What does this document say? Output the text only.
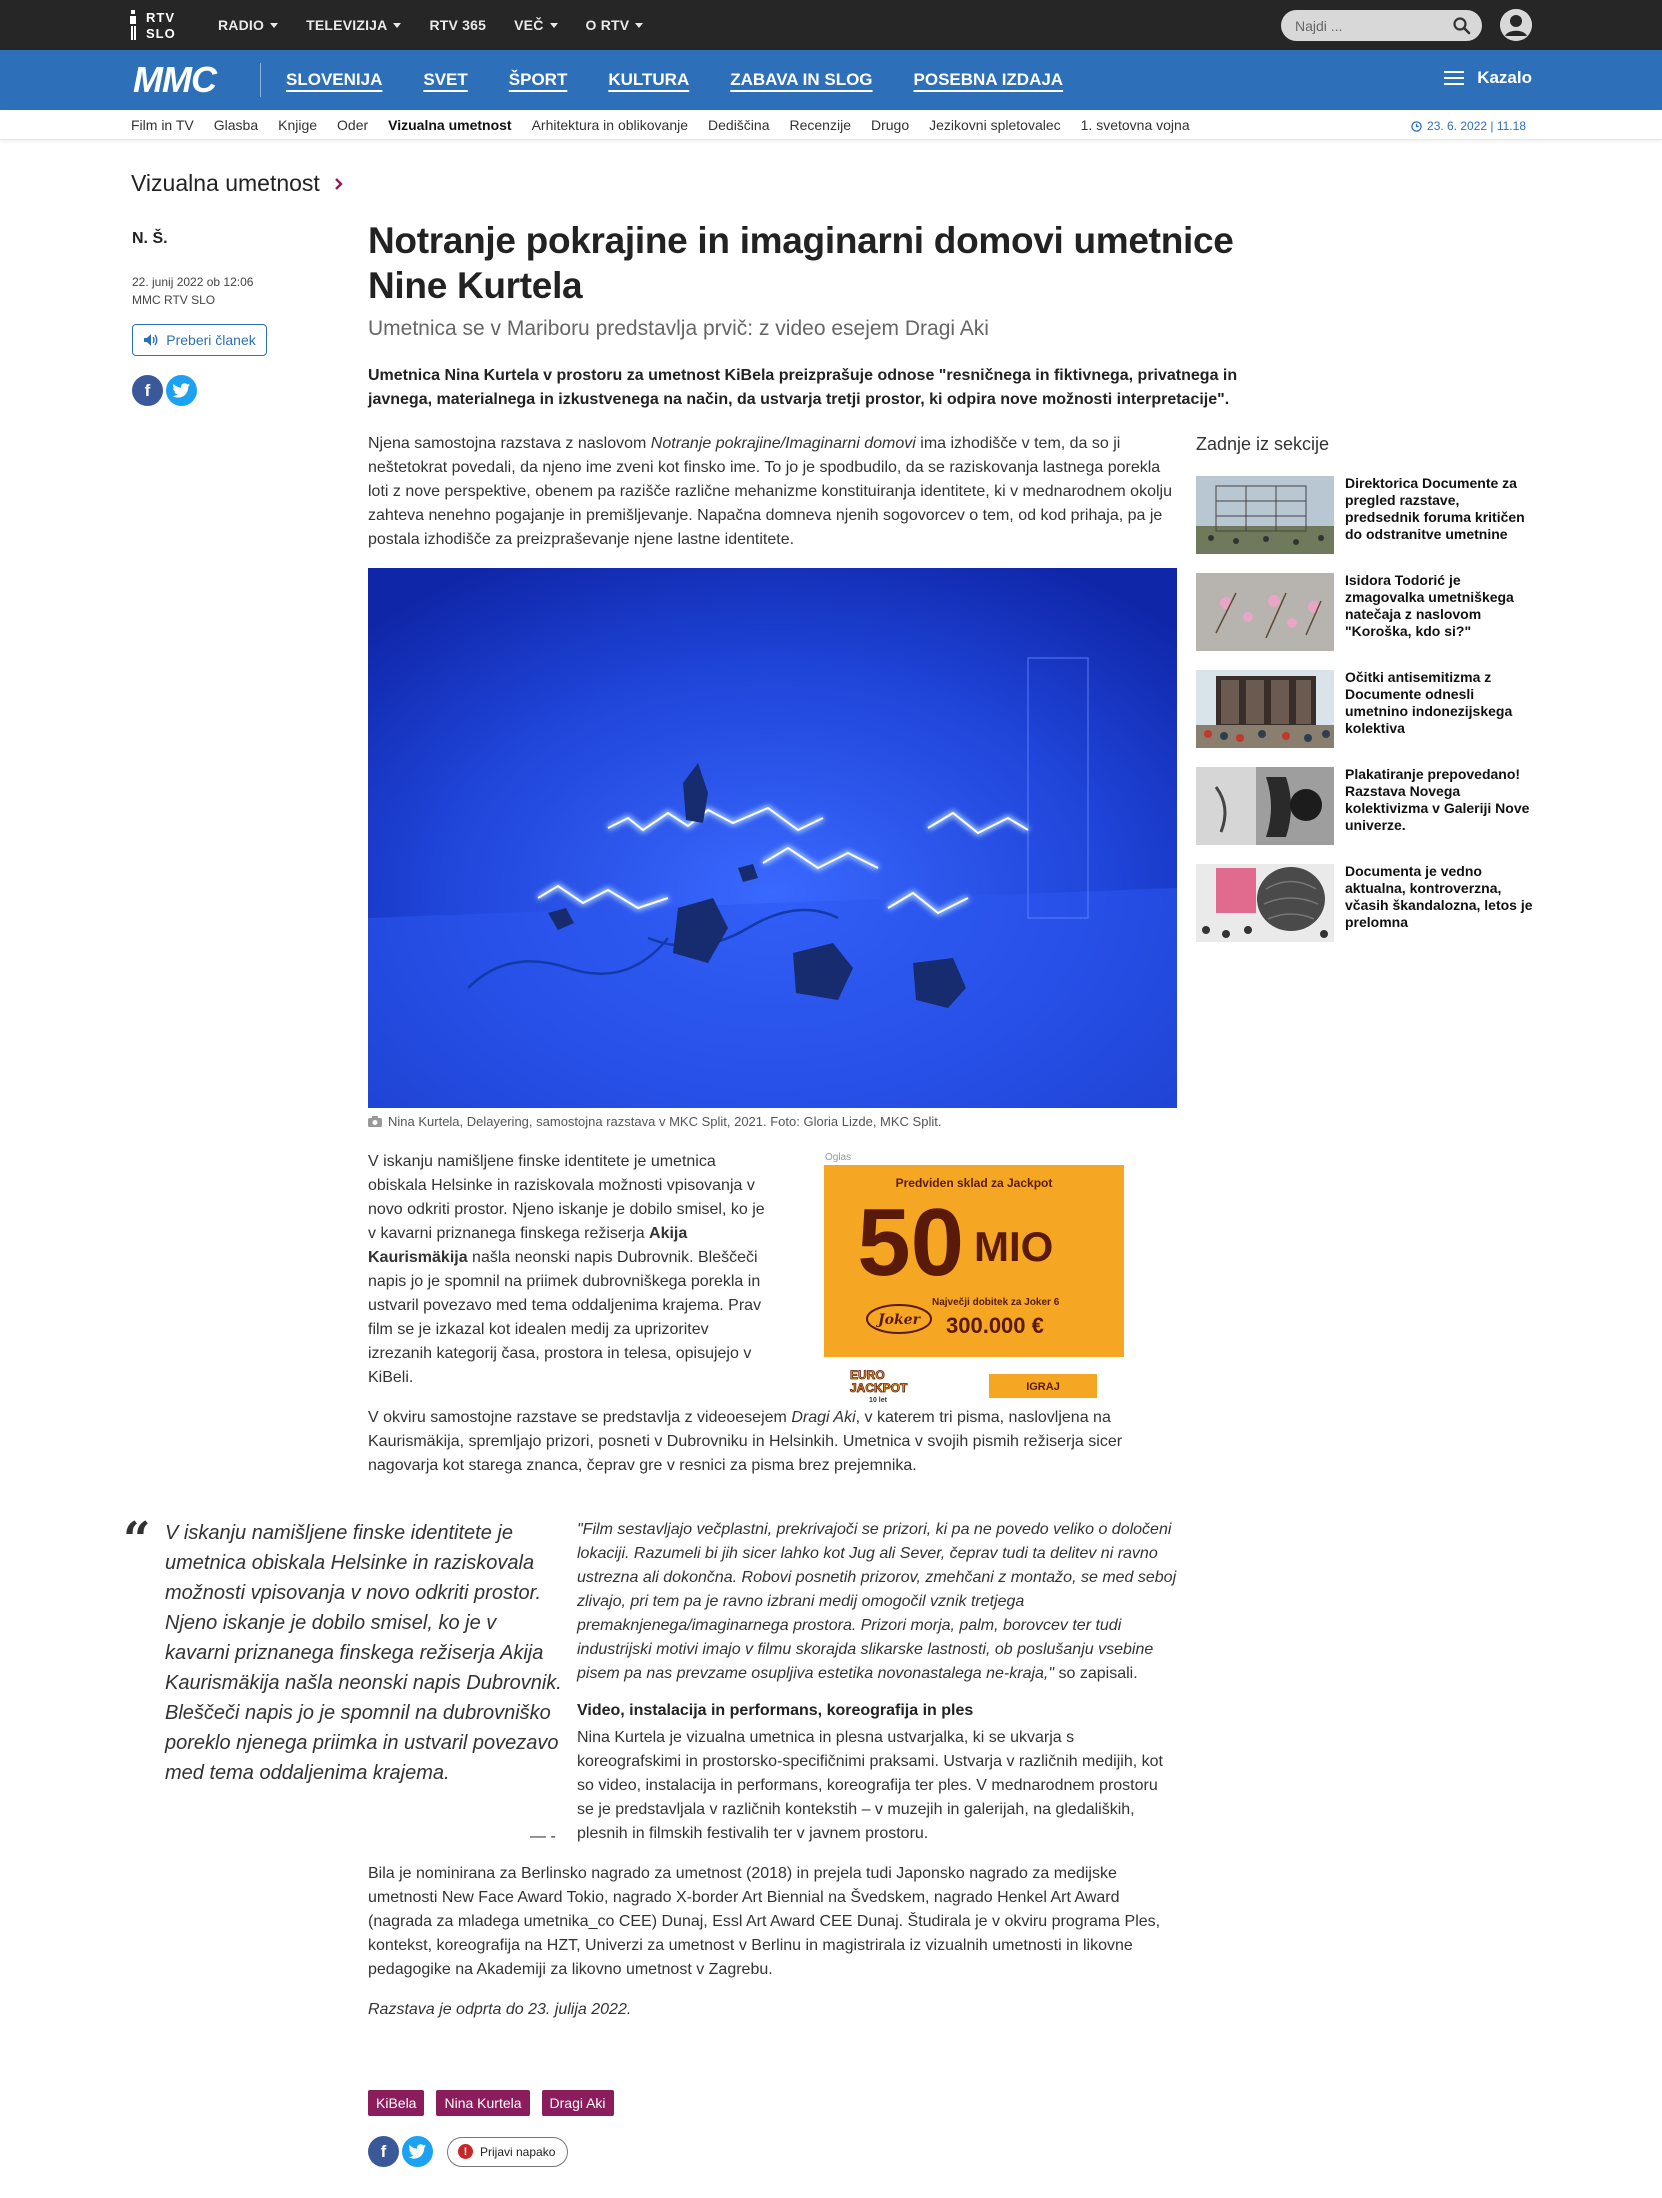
RTV
SLO
RADIO	TELEVIZIJA	RTV 365 VEČ	O RTV
Najdi ...
MMC	SLOVENIJA SVET ŠPORT KULTURA ZABAVA IN SLOG POSEBNA IZDAJA	Kazalo
Film in TV Glasba Knjige Oder Vizualna umetnost Arhitektura in oblikovanje Dediščina Recenzije Drugo Jezikovni spletovalec 1. svetovna vojna	23. 6. 2022 | 11.18
Vizualna umetnost
N. Š.
22. junij 2022 ob 12:06
MMC RTV SLO
Preberi članek
f
Notranje pokrajine in imaginarni domovi umetnice Nine Kurtela
Umetnica se v Mariboru predstavlja prvič: z video esejem Dragi Aki
Umetnica Nina Kurtela v prostoru za umetnost KiBela preizprašuje odnose "resničnega in fiktivnega, privatnega in javnega, materialnega in izkustvenega na način, da ustvarja tretji prostor, ki odpira nove možnosti interpretacije".

Njena samostojna razstava z naslovom Notranje pokrajine/Imaginarni domovi ima izhodišče v tem, da so ji neštetokrat povedali, da njeno ime zveni kot finsko ime. To jo je spodbudilo, da se raziskovanja lastnega porekla loti z nove perspektive, obenem pa razišče različne mehanizme konstituiranja identitete, ki v mednarodnem okolju zahteva nenehno pogajanje in premišljevanje. Napačna domneva njenih sogovorcev o tem, od kod prihaja, pa je postala izhodišče za preizpraševanje njene lastne identitete.

Nina Kurtela, Delayering, samostojna razstava v MKC Split, 2021. Foto: Gloria Lizde, MKC Split.

V iskanju namišljene finske identitete je umetnica obiskala Helsinke in raziskovala možnosti vpisovanja v novo odkriti prostor. Njeno iskanje je dobilo smisel, ko je v kavarni priznanega finskega režiserja Akija Kaurismäkija našla neonski napis Dubrovnik. Bleščeči napis jo je spomnil na priimek dubrovniškega porekla in ustvaril povezavo med tema oddaljenima krajema. Prav film se je izkazal kot idealen medij za uprizoritev izrezanih kategorij časa, prostora in telesa, opisujejo v KiBeli.

Oglas
Predviden sklad za Jackpot
50 MIO
Največji dobitek za Joker 6
300.000 €
Joker
EURO
JACKPOT
10 let
IGRAJ

V okviru samostojne razstave se predstavlja z videoesejem Dragi Aki, v katerem tri pisma, naslovljena na Kaurismäkija, spremljajo prizori, posneti v Dubrovniku in Helsinkih. Umetnica v svojih pismih režiserja sicer nagovarja kot starega znanca, čeprav gre v resnici za pisma brez prejemnika.

“ V iskanju namišljene finske identitete je umetnica obiskala Helsinke in raziskovala možnosti vpisovanja v novo odkriti prostor. Njeno iskanje je dobilo smisel, ko je v kavarni priznanega finskega režiserja Akija Kaurismäkija našla neonski napis Dubrovnik. Bleščeči napis jo je spomnil na dubrovniško poreklo njenega priimka in ustvaril povezavo med tema oddaljenima krajema.
— -

"Film sestavljajo večplastni, prekrivajoči se prizori, ki pa ne povedo veliko o določeni lokaciji. Razumeli bi jih sicer lahko kot Jug ali Sever, čeprav tudi ta delitev ni ravno ustrezna ali dokončna. Robovi posnetih prizorov, zmehčani z montažo, se med seboj zlivajo, pri tem pa je ravno izbrani medij omogočil vznik tretjega premaknjenega/imaginarnega prostora. Prizori morja, palm, borovcev ter tudi industrijski motivi imajo v filmu skorajda slikarske lastnosti, ob poslušanju vsebine pisem pa nas prevzame osupljiva estetika novonastalega ne-kraja," so zapisali.

Video, instalacija in performans, koreografija in ples

Nina Kurtela je vizualna umetnica in plesna ustvarjalka, ki se ukvarja s koreografskimi in prostorsko-specifičnimi praksami. Ustvarja v različnih medijih, kot so video, instalacija in performans, koreografija ter ples. V mednarodnem prostoru se je predstavljala v različnih kontekstih – v muzejih in galerijah, na gledaliških, plesnih in filmskih festivalih ter v javnem prostoru.

Bila je nominirana za Berlinsko nagrado za umetnost (2018) in prejela tudi Japonsko nagrado za medijske umetnosti New Face Award Tokio, nagrado X-border Art Biennial na Švedskem, nagrado Henkel Art Award (nagrada za mladega umetnika_co CEE) Dunaj, Essl Art Award CEE Dunaj. Študirala je v okviru programa Ples, kontekst, koreografija na HZT, Univerzi za umetnost v Berlinu in magistrirala iz vizualnih umetnosti in likovne pedagogike na Akademiji za likovno umetnost v Zagrebu.

Razstava je odprta do 23. julija 2022.

KiBela	Nina Kurtela	Dragi Aki
f	!	Prijavi napako
Zadnje iz sekcije
Direktorica Documente za pregled razstave, predsednik foruma kritičen do odstranitve umetnine
Isidora Todorić je zmagovalka umetniškega natečaja z naslovom "Koroška, kdo si?"
Očitki antisemitizma z Documente odnesli umetnino indonezijskega kolektiva
Plakatiranje prepovedano! Razstava Novega kolektivizma v Galeriji Nove univerze.
Documenta je vedno aktualna, kontroverzna, včasih škandalozna, letos je prelomna
